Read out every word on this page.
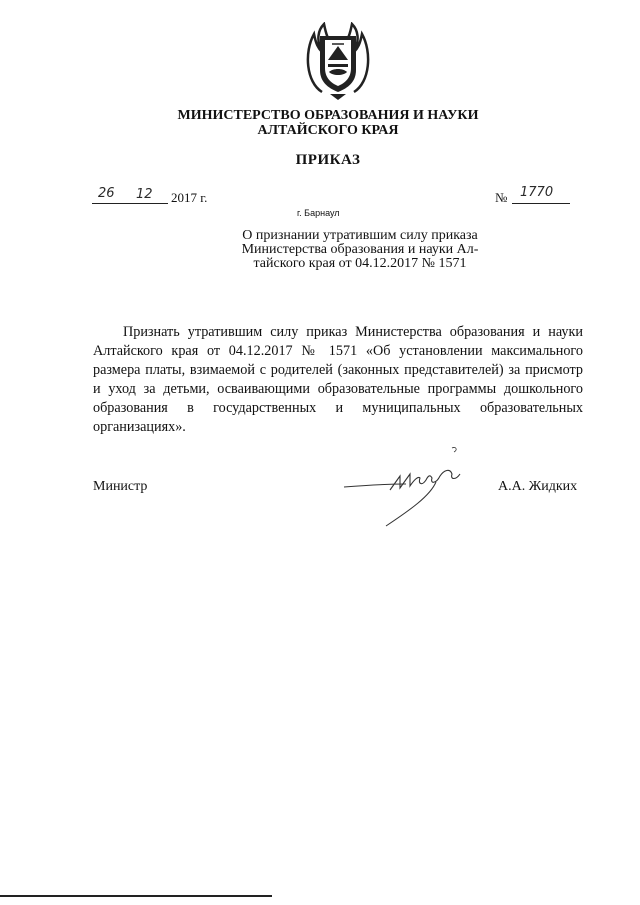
МИНИСТЕРСТВО ОБРАЗОВАНИЯ И НАУКИ
АЛТАЙСКОГО КРАЯ
ПРИКАЗ
26 12 2017 г.	№ 1770
г. Барнаул
О признании утратившим силу приказа
Министерства образования и науки Ал-
тайского края от 04.12.2017 № 1571
Признать утратившим силу приказ Министерства образования и науки Алтайского края от 04.12.2017 № 1571 «Об установлении максимального размера платы, взимаемой с родителей (законных представителей) за присмотр и уход за детьми, осваивающими образовательные программы дошкольного образования в государственных и муниципальных образовательных организациях».
Министр	А.А. Жидких
